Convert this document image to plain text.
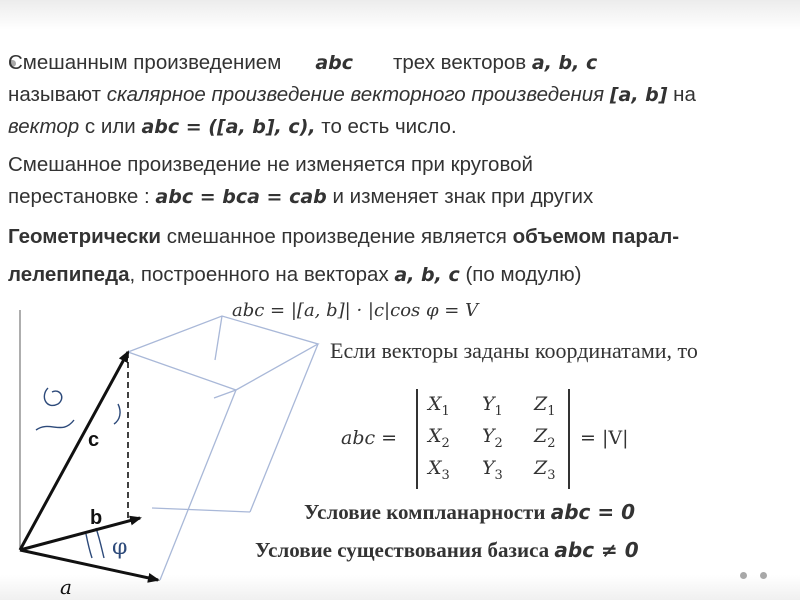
Смешанным произведением abc трех векторов a, b, c
называют скалярное произведение векторного произведения [a, b] на
вектор c или abc = ([a, b], c), то есть число.
Смешанное произведение не изменяется при круговой
перестановке : abc = bca = cab и изменяет знак при других
Геометрически смешанное произведение является объемом парал-
лелепипеда, построенного на векторах a, b, c (по модулю)
abc = |[a, b]| · |c|cos φ = V
Если векторы заданы координатами, то
abc =
$X_1$ $Y_1$ $Z_1$
$X_2$ $Y_2$ $Z_2$
$X_3$ $Y_3$ $Z_3$
= |V|
Условие компланарности abc = 0
Условие существования базиса abc ≠ 0
c
b
a
φ
